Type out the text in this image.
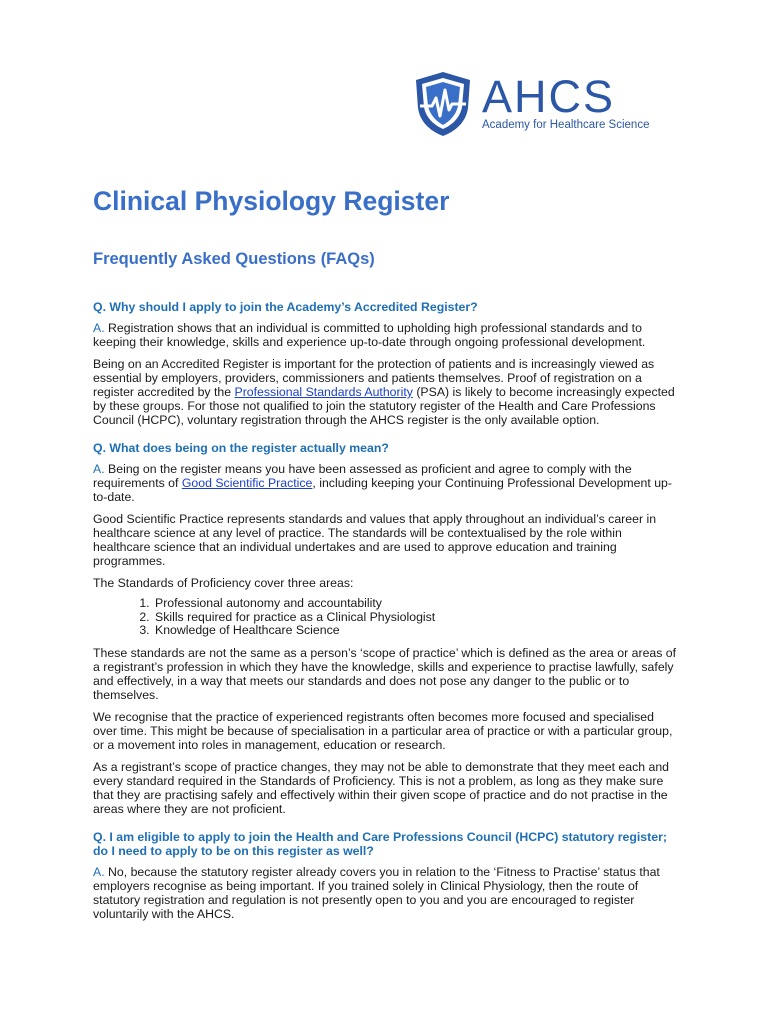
AHCS
Academy for Healthcare Science
Clinical Physiology Register
Frequently Asked Questions (FAQs)

Q. Why should I apply to join the Academy’s Accredited Register?

A. Registration shows that an individual is committed to upholding high professional standards and to keeping their knowledge, skills and experience up-to-date through ongoing professional development.

Being on an Accredited Register is important for the protection of patients and is increasingly viewed as essential by employers, providers, commissioners and patients themselves. Proof of registration on a register accredited by the Professional Standards Authority (PSA) is likely to become increasingly expected by these groups. For those not qualified to join the statutory register of the Health and Care Professions Council (HCPC), voluntary registration through the AHCS register is the only available option.

Q. What does being on the register actually mean?

A. Being on the register means you have been assessed as proficient and agree to comply with the requirements of Good Scientific Practice, including keeping your Continuing Professional Development up-to-date.

Good Scientific Practice represents standards and values that apply throughout an individual’s career in healthcare science at any level of practice. The standards will be contextualised by the role within healthcare science that an individual undertakes and are used to approve education and training programmes.

The Standards of Proficiency cover three areas:

1. Professional autonomy and accountability
2. Skills required for practice as a Clinical Physiologist
3. Knowledge of Healthcare Science

These standards are not the same as a person’s ‘scope of practice’ which is defined as the area or areas of a registrant’s profession in which they have the knowledge, skills and experience to practise lawfully, safely and effectively, in a way that meets our standards and does not pose any danger to the public or to themselves.

We recognise that the practice of experienced registrants often becomes more focused and specialised over time. This might be because of specialisation in a particular area of practice or with a particular group, or a movement into roles in management, education or research.

As a registrant’s scope of practice changes, they may not be able to demonstrate that they meet each and every standard required in the Standards of Proficiency. This is not a problem, as long as they make sure that they are practising safely and effectively within their given scope of practice and do not practise in the areas where they are not proficient.

Q. I am eligible to apply to join the Health and Care Professions Council (HCPC) statutory register; do I need to apply to be on this register as well?

A. No, because the statutory register already covers you in relation to the ‘Fitness to Practise’ status that employers recognise as being important. If you trained solely in Clinical Physiology, then the route of statutory registration and regulation is not presently open to you and you are encouraged to register voluntarily with the AHCS.
